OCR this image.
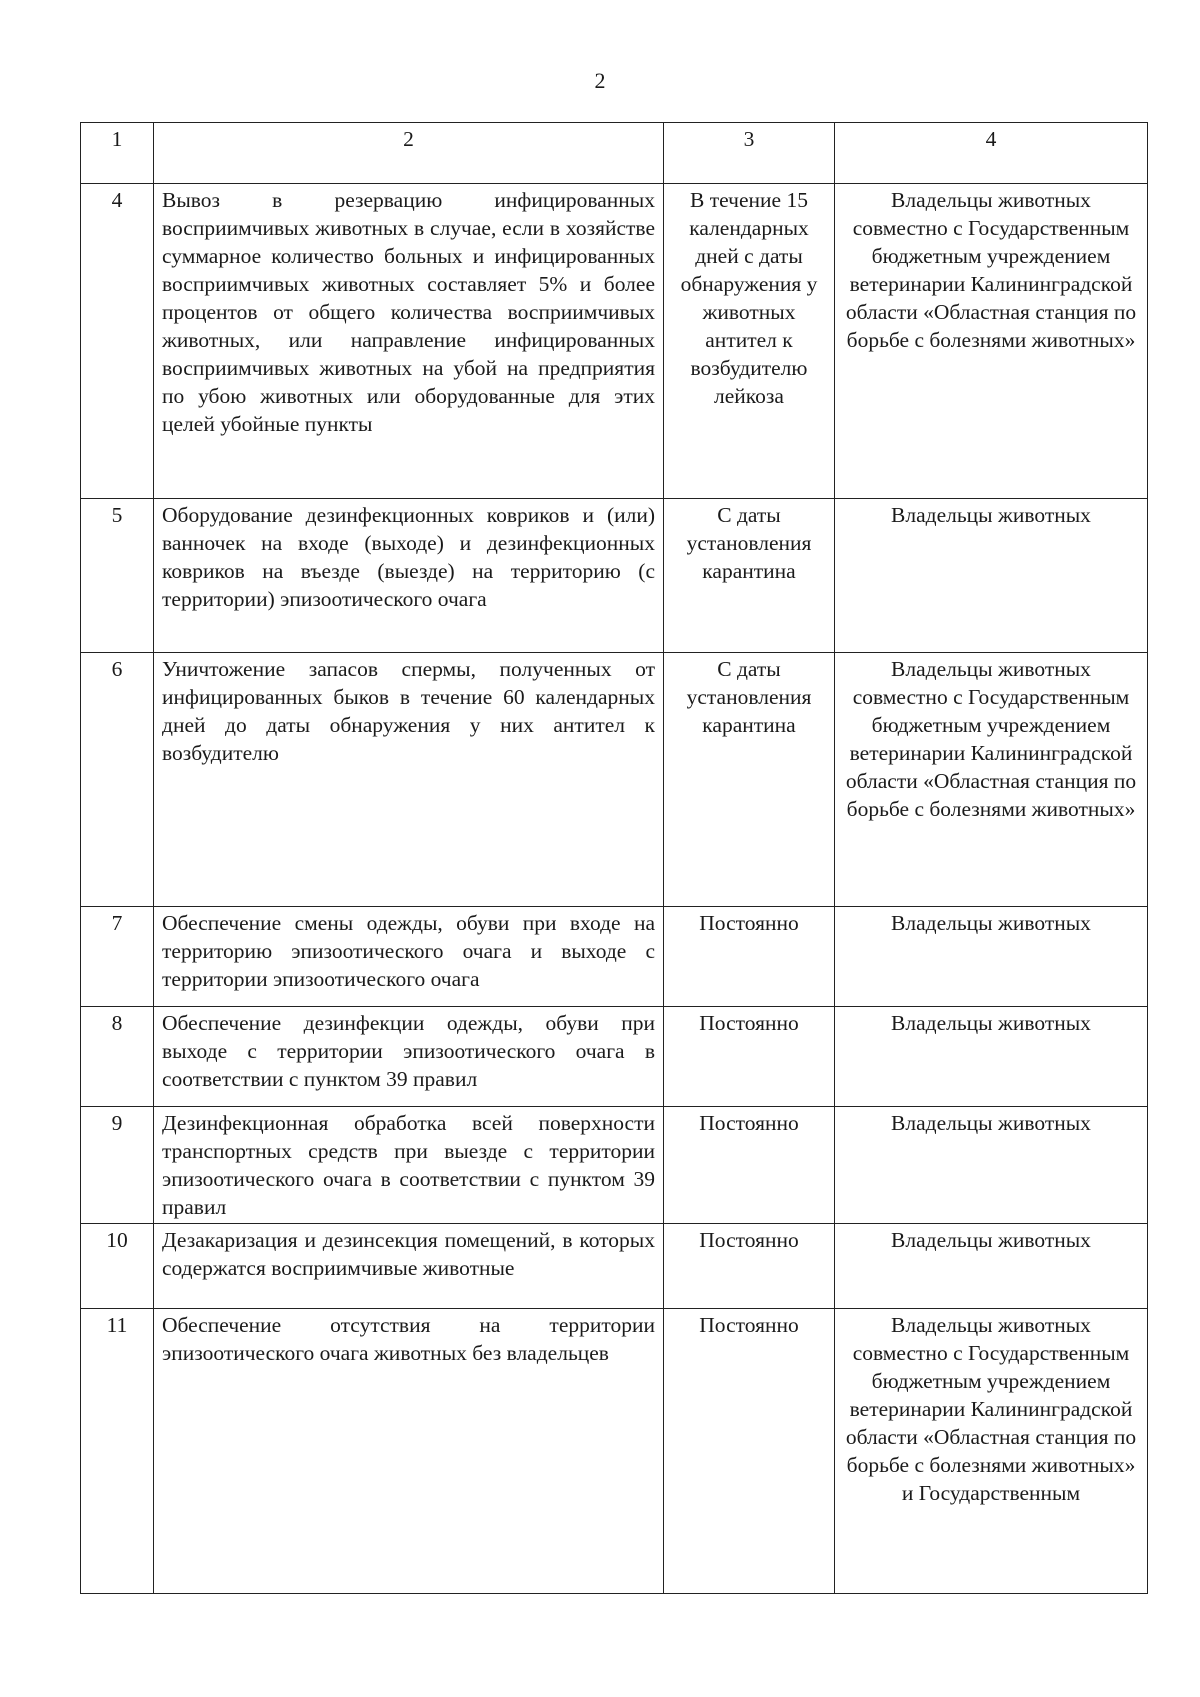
2
1	2	3	4
4	Вывоз в резервацию инфицированных восприимчивых животных в случае, если в хозяйстве суммарное количество больных и инфицированных восприимчивых животных составляет 5% и более процентов от общего количества восприимчивых животных, или направление инфицированных восприимчивых животных на убой на предприятия по убою животных или оборудованные для этих целей убойные пункты	В течение 15 календарных дней с даты обнаружения у животных антител к возбудителю лейкоза	Владельцы животных совместно с Государственным бюджетным учреждением ветеринарии Калининградской области «Областная станция по борьбе с болезнями животных»
5	Оборудование дезинфекционных ковриков и (или) ванночек на входе (выходе) и дезинфекционных ковриков на въезде (выезде) на территорию (с территории) эпизоотического очага	С даты установления карантина	Владельцы животных
6	Уничтожение запасов спермы, полученных от инфицированных быков в течение 60 календарных дней до даты обнаружения у них антител к возбудителю	С даты установления карантина	Владельцы животных совместно с Государственным бюджетным учреждением ветеринарии Калининградской области «Областная станция по борьбе с болезнями животных»
7	Обеспечение смены одежды, обуви при входе на территорию эпизоотического очага и выходе с территории эпизоотического очага	Постоянно	Владельцы животных
8	Обеспечение дезинфекции одежды, обуви при выходе с территории эпизоотического очага в соответствии с пунктом 39 правил	Постоянно	Владельцы животных
9	Дезинфекционная обработка всей поверхности транспортных средств при выезде с территории эпизоотического очага в соответствии с пунктом 39 правил	Постоянно	Владельцы животных
10	Дезакаризация и дезинсекция помещений, в которых содержатся восприимчивые животные	Постоянно	Владельцы животных
11	Обеспечение отсутствия на территории эпизоотического очага животных без владельцев	Постоянно	Владельцы животных совместно с Государственным бюджетным учреждением ветеринарии Калининградской области «Областная станция по борьбе с болезнями животных» и Государственным
